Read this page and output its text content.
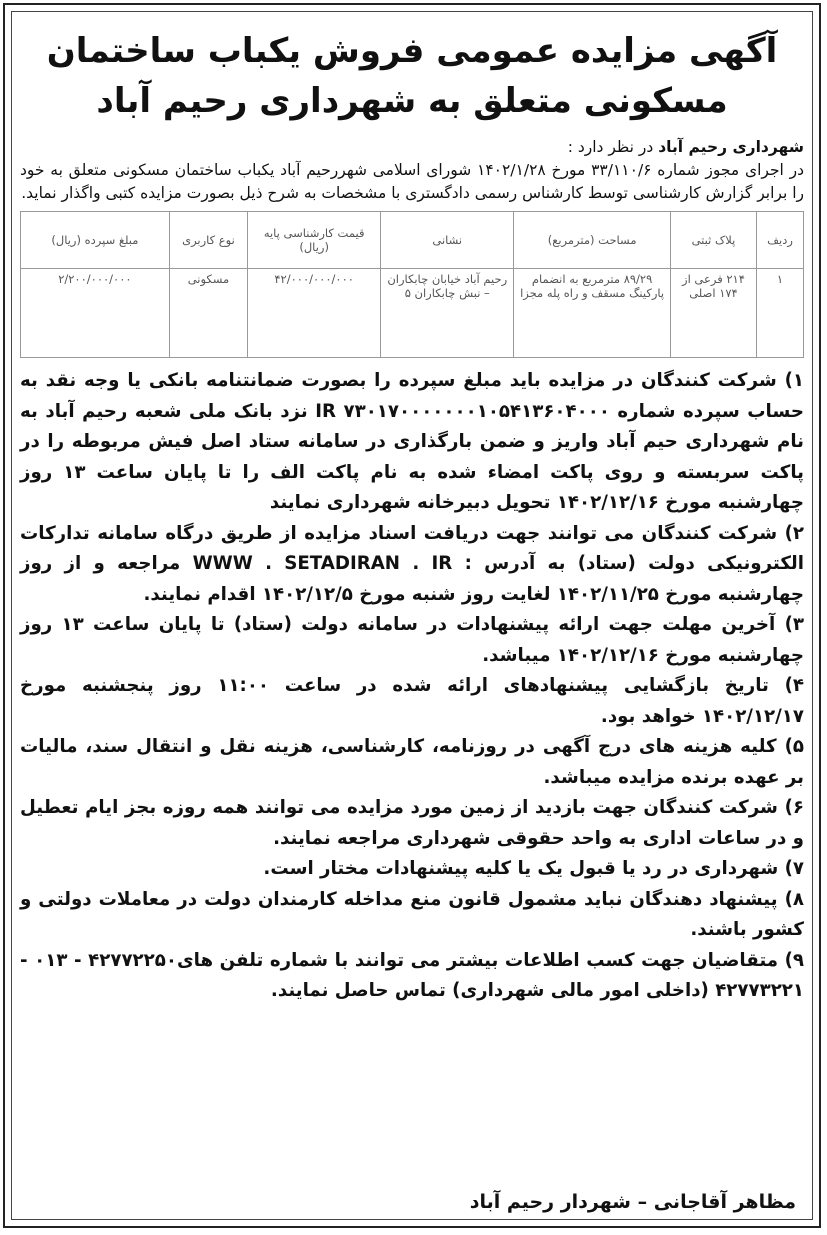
آگهی مزایده عمومی فروش یکباب ساختمان مسکونی متعلق به شهرداری رحیم آباد
شهرداری رحیم آباد در نظر دارد :
در اجرای مجوز شماره ۳۳/۱۱۰/۶ مورخ ۱۴۰۲/۱/۲۸ شورای اسلامی شهررحیم آباد یکباب ساختمان مسکونی متعلق به خود را برابر گزارش کارشناسی توسط کارشناس رسمی دادگستری با مشخصات به شرح ذیل بصورت مزایده کتبی واگذار نماید.
ردیف	پلاک ثبتی	مساحت (مترمربع)	نشانی	قیمت کارشناسی پایه (ریال)	نوع کاربری	مبلغ سپرده (ریال)
۱	۲۱۴ فرعی از ۱۷۴ اصلی	۸۹/۲۹ مترمربع به انضمام پارکینگ مسقف و راه پله مجزا	رحیم آباد خیابان چابکاران – نبش چابکاران ۵	۴۲/۰۰۰/۰۰۰/۰۰۰	مسکونی	۲/۲۰۰/۰۰۰/۰۰۰
۱) شرکت کنندگان در مزایده باید مبلغ سپرده را بصورت ضمانتنامه بانکی یا وجه نقد به حساب سپرده شماره IR ۷۳۰۱۷۰۰۰۰۰۰۰۱۰۵۴۱۳۶۰۴۰۰۰ نزد بانک ملی شعبه رحیم آباد به نام شهرداری حیم آباد واریز و ضمن بارگذاری در سامانه ستاد اصل فیش مربوطه را در پاکت سربسته و روی پاکت امضاء شده به نام پاکت الف را تا پایان ساعت ۱۳ روز چهارشنبه مورخ ۱۴۰۲/۱۲/۱۶ تحویل دبیرخانه شهرداری نمایند
۲) شرکت کنندگان می توانند جهت دریافت اسناد مزایده از طریق درگاه سامانه تدارکات الکترونیکی دولت (ستاد) به آدرس : WWW . SETADIRAN . IR مراجعه و از روز چهارشنبه مورخ ۱۴۰۲/۱۱/۲۵ لغایت روز شنبه مورخ ۱۴۰۲/۱۲/۵ اقدام نمایند.
۳) آخرین مهلت جهت ارائه پیشنهادات در سامانه دولت (ستاد) تا پایان ساعت ۱۳ روز چهارشنبه مورخ ۱۴۰۲/۱۲/۱۶ میباشد.
۴) تاریخ بازگشایی پیشنهادهای ارائه شده در ساعت ۱۱:۰۰ روز پنجشنبه مورخ ۱۴۰۲/۱۲/۱۷ خواهد بود.
۵) کلیه هزینه های درج آگهی در روزنامه، کارشناسی، هزینه نقل و انتقال سند، مالیات بر عهده برنده مزایده میباشد.
۶) شرکت کنندگان جهت بازدید از زمین مورد مزایده می توانند همه روزه بجز ایام تعطیل و در ساعات اداری به واحد حقوقی شهرداری مراجعه نمایند.
۷) شهرداری در رد یا قبول یک یا کلیه پیشنهادات مختار است.
۸) پیشنهاد دهندگان نباید مشمول قانون منع مداخله کارمندان دولت در معاملات دولتی و کشور باشند.
۹) متقاضیان جهت کسب اطلاعات بیشتر می توانند با شماره تلفن های۴۲۷۷۲۲۵۰ - ۰۱۳ - ۴۲۷۷۳۲۲۱ (داخلی امور مالی شهرداری) تماس حاصل نمایند.
مظاهر آقاجانی – شهردار رحیم آباد
